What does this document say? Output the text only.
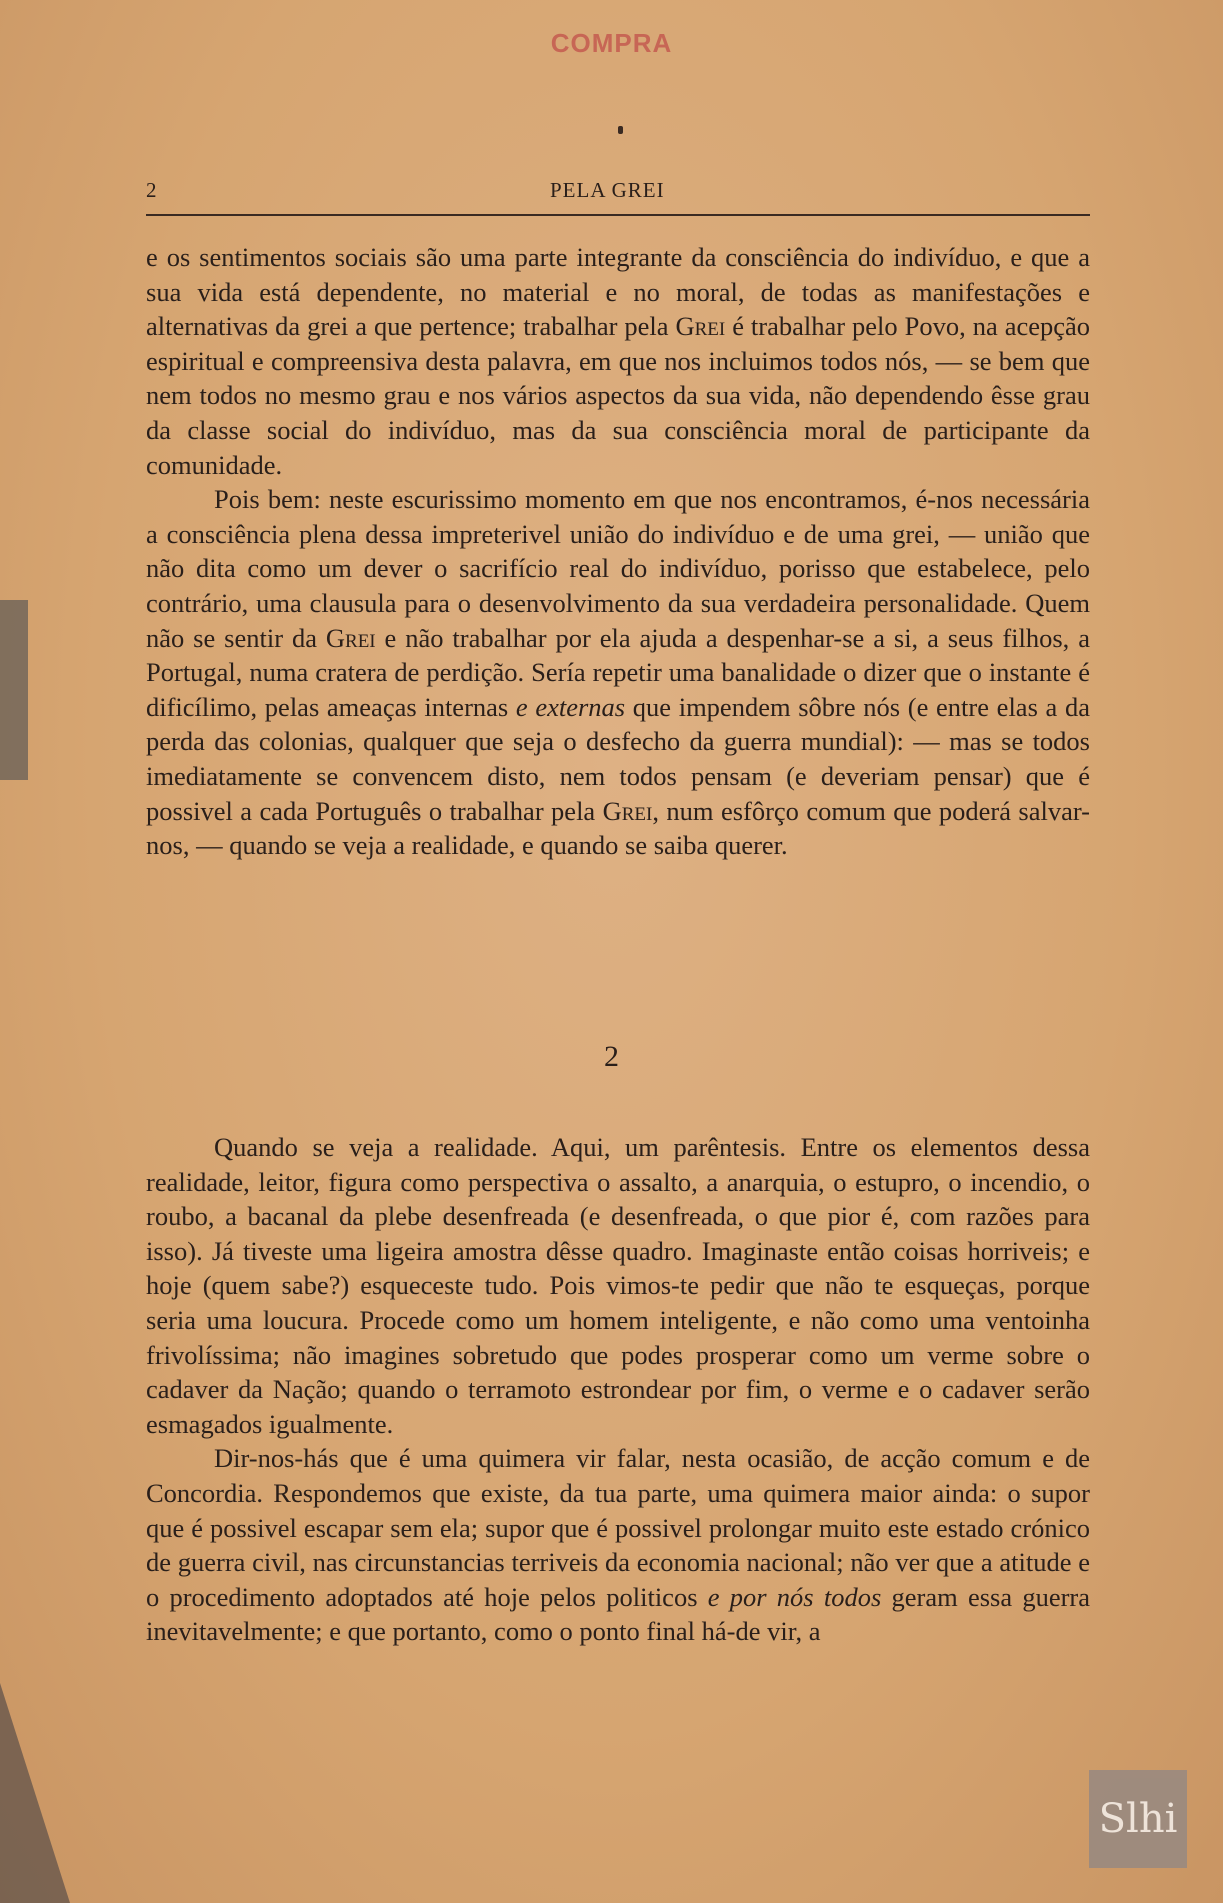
COMPRA
2	PELA GREI

e os sentimentos sociais são uma parte integrante da consciência do indivíduo, e que a sua vida está dependente, no material e no moral, de todas as manifestações e alternativas da grei a que pertence; trabalhar pela Grei é trabalhar pelo Povo, na acepção espiritual e compreensiva desta palavra, em que nos incluimos todos nós, — se bem que nem todos no mesmo grau e nos vários aspectos da sua vida, não dependendo êsse grau da classe social do indivíduo, mas da sua consciência moral de participante da comunidade.

Pois bem: neste escurissimo momento em que nos encontramos, é-nos necessária a consciência plena dessa impreterivel união do indivíduo e de uma grei, — união que não dita como um dever o sacrifício real do indivíduo, porisso que estabelece, pelo contrário, uma clausula para o desenvolvimento da sua verdadeira personalidade. Quem não se sentir da Grei e não trabalhar por ela ajuda a despenhar-se a si, a seus filhos, a Portugal, numa cratera de perdição. Sería repetir uma banalidade o dizer que o instante é dificílimo, pelas ameaças internas e externas que impendem sôbre nós (e entre elas a da perda das colonias, qualquer que seja o desfecho da guerra mundial): — mas se todos imediatamente se convencem disto, nem todos pensam (e deveriam pensar) que é possivel a cada Português o trabalhar pela Grei, num esfôrço comum que poderá salvar-nos, — quando se veja a realidade, e quando se saiba querer.

2

Quando se veja a realidade. Aqui, um parêntesis. Entre os elementos dessa realidade, leitor, figura como perspectiva o assalto, a anarquia, o estupro, o incendio, o roubo, a bacanal da plebe desenfreada (e desenfreada, o que pior é, com razões para isso). Já tiveste uma ligeira amostra dêsse quadro. Imaginaste então coisas horriveis; e hoje (quem sabe?) esqueceste tudo. Pois vimos-te pedir que não te esqueças, porque seria uma loucura. Procede como um homem inteligente, e não como uma ventoinha frivolíssima; não imagines sobretudo que podes prosperar como um verme sobre o cadaver da Nação; quando o terramoto estrondear por fim, o verme e o cadaver serão esmagados igualmente.

Dir-nos-hás que é uma quimera vir falar, nesta ocasião, de acção comum e de Concordia. Respondemos que existe, da tua parte, uma quimera maior ainda: o supor que é possivel escapar sem ela; supor que é possivel prolongar muito este estado crónico de guerra civil, nas circunstancias terriveis da economia nacional; não ver que a atitude e o procedimento adoptados até hoje pelos politicos e por nós todos geram essa guerra inevitavelmente; e que portanto, como o ponto final há-de vir, a

Slhi
